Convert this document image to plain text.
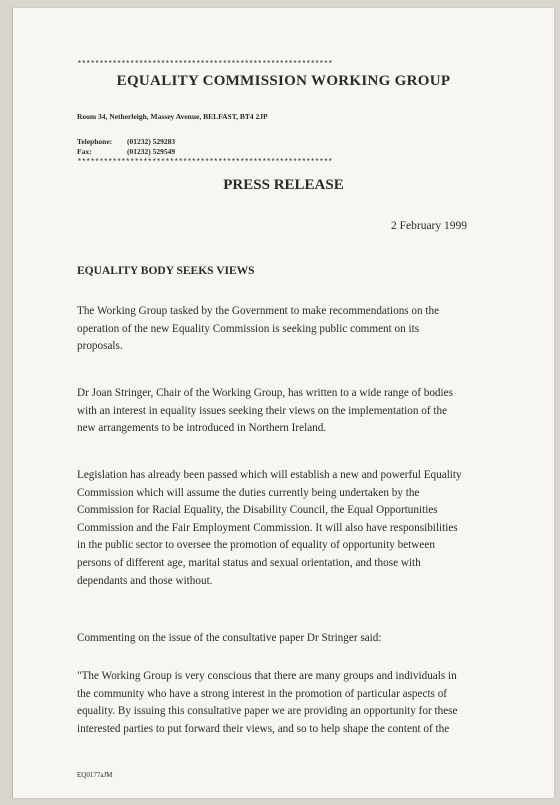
**********************************************************
EQUALITY COMMISSION WORKING GROUP
Room 34, Netherleigh, Massey Avenue, BELFAST, BT4 2JP
Telephone: (01232) 529283
Fax:	(01232) 529549
**********************************************************
PRESS RELEASE
2 February 1999
EQUALITY BODY SEEKS VIEWS

The Working Group tasked by the Government to make recommendations on the
operation of the new Equality Commission is seeking public comment on its
proposals.

Dr Joan Stringer, Chair of the Working Group, has written to a wide range of bodies
with an interest in equality issues seeking their views on the implementation of the
new arrangements to be introduced in Northern Ireland.

Legislation has already been passed which will establish a new and powerful Equality
Commission which will assume the duties currently being undertaken by the
Commission for Racial Equality, the Disability Council, the Equal Opportunities
Commission and the Fair Employment Commission. It will also have responsibilities
in the public sector to oversee the promotion of equality of opportunity between
persons of different age, marital status and sexual orientation, and those with
dependants and those without.

Commenting on the issue of the consultative paper Dr Stringer said:

"The Working Group is very conscious that there are many groups and individuals in
the community who have a strong interest in the promotion of particular aspects of
equality. By issuing this consultative paper we are providing an opportunity for these
interested parties to put forward their views, and so to help shape the content of the

EQ0177aJM
